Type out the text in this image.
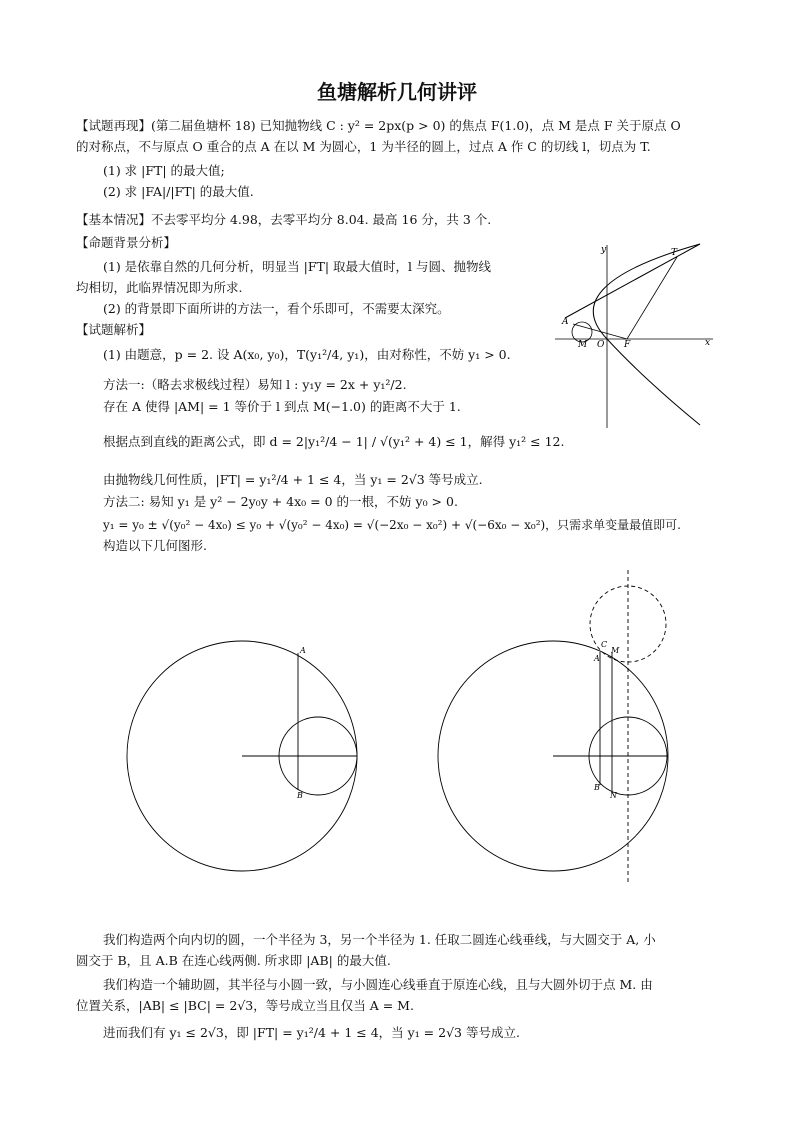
鱼塘解析几何讲评
【试题再现】(第二届鱼塘杯 18) 已知抛物线 C : y² = 2px(p > 0) 的焦点 F(1.0)，点 M 是点 F 关于原点 O
的对称点，不与原点 O 重合的点 A 在以 M 为圆心，1 为半径的圆上，过点 A 作 C 的切线 l，切点为 T.
(1) 求 |FT| 的最大值;
(2) 求 |FA|/|FT| 的最大值.
【基本情况】不去零平均分 4.98，去零平均分 8.04. 最高 16 分，共 3 个.
【命题背景分析】
(1) 是依靠自然的几何分析，明显当 |FT| 取最大值时，l 与圆、抛物线
均相切，此临界情况即为所求.
(2) 的背景即下面所讲的方法一，看个乐即可，不需要太深究。
【试题解析】
(1) 由题意，p = 2. 设 A(x₀, y₀)，T(y₁²/4, y₁)，由对称性，不妨 y₁ > 0.
方法一:（略去求极线过程）易知 l : y₁y = 2x + y₁²/2.
存在 A 使得 |AM| = 1 等价于 l 到点 M(−1.0) 的距离不大于 1.
根据点到直线的距离公式，即 d = 2|y₁²/4 − 1| / √(y₁² + 4) ≤ 1，解得 y₁² ≤ 12.
由抛物线几何性质，|FT| = y₁²/4 + 1 ≤ 4，当 y₁ = 2√3 等号成立.
方法二: 易知 y₁ 是 y² − 2y₀y + 4x₀ = 0 的一根，不妨 y₀ > 0.
y₁ = y₀ ± √(y₀² − 4x₀) ≤ y₀ + √(y₀² − 4x₀) = √(−2x₀ − x₀²) + √(−6x₀ − x₀²)，只需求单变量最值即可.
构造以下几何图形.
T
A
M O F	x
y
A
B
C
M
A
B
N
我们构造两个向内切的圆，一个半径为 3，另一个半径为 1. 任取二圆连心线垂线，与大圆交于 A, 小
圆交于 B，且 A.B 在连心线两侧. 所求即 |AB| 的最大值.
我们构造一个辅助圆，其半径与小圆一致，与小圆连心线垂直于原连心线，且与大圆外切于点 M. 由
位置关系，|AB| ≤ |BC| = 2√3，等号成立当且仅当 A = M.
进而我们有 y₁ ≤ 2√3，即 |FT| = y₁²/4 + 1 ≤ 4，当 y₁ = 2√3 等号成立.
